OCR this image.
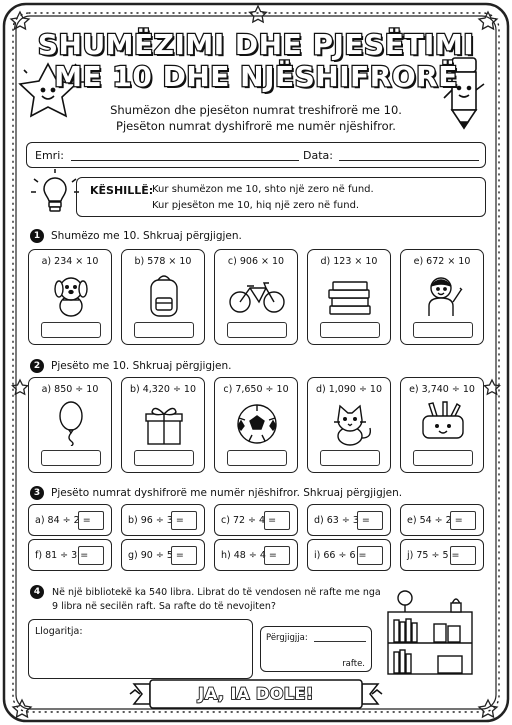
SHUMËZIMI DHE PJESËTIMI
ME 10 DHE NJËSHIFRORË
Shumëzon dhe pjesëton numrat treshifrorë me 10.
Pjesëton numrat dyshifrorë me numër njëshifror.
Emri:	Data:
KËSHILLË:
Kur shumëzon me 10, shto një zero në fund.
Kur pjesëton me 10, hiq një zero në fund.
1	Shumëzo me 10. Shkruaj përgjigjen.
a) 234 × 10	b) 578 × 10	c) 906 × 10	d) 123 × 10	e) 672 × 10
2	Pjesëto me 10. Shkruaj përgjigjen.
a) 850 ÷ 10	b) 4,320 ÷ 10	c) 7,650 ÷ 10	d) 1,090 ÷ 10	e) 3,740 ÷ 10
3	Pjesëto numrat dyshifrorë me numër njëshifror. Shkruaj përgjigjen.
a) 84 ÷ 2 =	b) 96 ÷ 3 =	c) 72 ÷ 4 =	d) 63 ÷ 3 =	e) 54 ÷ 2 =
f) 81 ÷ 3 =	g) 90 ÷ 5 =	h) 48 ÷ 4 =	i) 66 ÷ 6 =	j) 75 ÷ 5 =
4	Në një bibliotekë ka 540 libra. Librat do të vendosen në rafte me nga
9 libra në secilën raft. Sa rafte do të nevojiten?
Llogaritja:
Përgjigjja:
rafte.
JA, IA DOLE!
